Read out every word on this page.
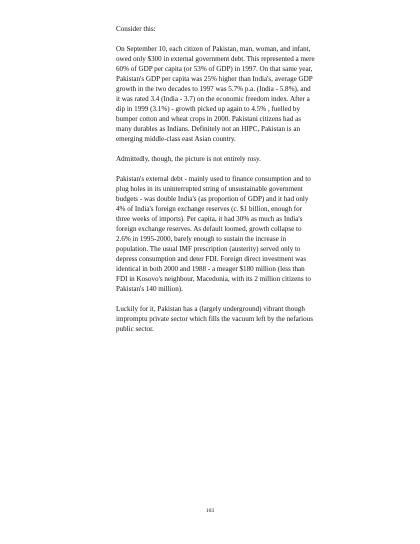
Consider this:

On September 10, each citizen of Pakistan, man, woman, and infant, owed only $300 in external government debt. This represented a mere 60% of GDP per capita (or 53% of GDP) in 1997. On that same year, Pakistan's GDP per capita was 25% higher than India's, average GDP growth in the two decades to 1997 was 5.7% p.a. (India - 5.8%), and it was rated 3.4 (India - 3.7) on the economic freedom index. After a dip in 1999 (3.1%) - growth picked up again to 4.5% , fuelled by bumper cotton and wheat crops in 2000. Pakistani citizens had as many durables as Indians. Definitely not an HIPC, Pakistan is an emerging middle-class east Asian country.

Admittedly, though, the picture is not entirely rosy.

Pakistan's external debt - mainly used to finance consumption and to plug holes in its uninterrupted string of unsustainable government budgets - was double India's (as proportion of GDP) and it had only 4% of India's foreign exchange reserves (c. $1 billion, enough for three weeks of imports). Per capita, it had 30% as much as India's foreign exchange reserves. As default loomed, growth collapse to 2.6% in 1995-2000, barely enough to sustain the increase in population. The usual IMF prescription (austerity) served only to depress consumption and deter FDI. Foreign direct investment was identical in both 2000 and 1988 - a meager $180 million (less than FDI in Kosovo's neighbour, Macedonia, with its 2 million citizens to Pakistan's 140 million).

Luckily for it, Pakistan has a (largely underground) vibrant though impromptu private sector which fills the vacuum left by the nefarious public sector.

103
